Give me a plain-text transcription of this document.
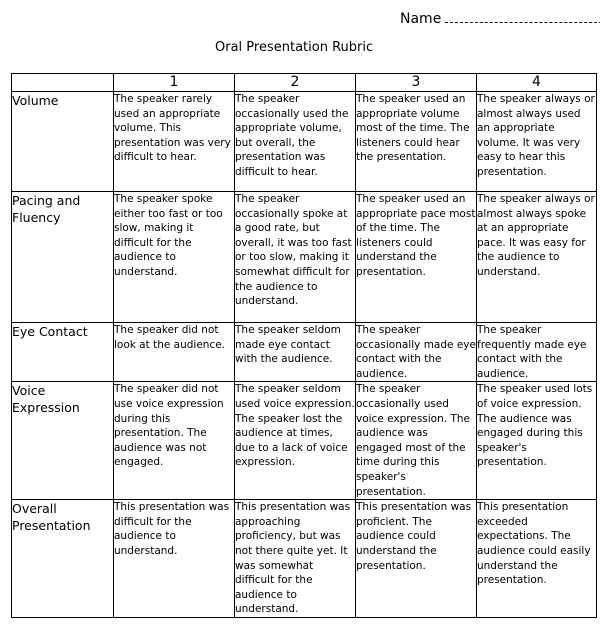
Name
Oral Presentation Rubric
	1	2	3	4
Volume	The speaker rarely used an appropriate volume. This presentation was very difficult to hear.	The speaker occasionally used the appropriate volume, but overall, the presentation was difficult to hear.	The speaker used an appropriate volume most of the time. The listeners could hear the presentation.	The speaker always or almost always used an appropriate volume. It was very easy to hear this presentation.
Pacing and Fluency	The speaker spoke either too fast or too slow, making it difficult for the audience to understand.	The speaker occasionally spoke at a good rate, but overall, it was too fast or too slow, making it somewhat difficult for the audience to understand.	The speaker used an appropriate pace most of the time. The listeners could understand the presentation.	The speaker always or almost always spoke at an appropriate pace. It was easy for the audience to understand.
Eye Contact	The speaker did not look at the audience.	The speaker seldom made eye contact with the audience.	The speaker occasionally made eye contact with the audience.	The speaker frequently made eye contact with the audience.
Voice Expression	The speaker did not use voice expression during this presentation. The audience was not engaged.	The speaker seldom used voice expression. The speaker lost the audience at times, due to a lack of voice expression.	The speaker occasionally used voice expression. The audience was engaged most of the time during this speaker's presentation.	The speaker used lots of voice expression. The audience was engaged during this speaker's presentation.
Overall Presentation	This presentation was difficult for the audience to understand.	This presentation was approaching proficiency, but was not there quite yet. It was somewhat difficult for the audience to understand.	This presentation was proficient. The audience could understand the presentation.	This presentation exceeded expectations. The audience could easily understand the presentation.
